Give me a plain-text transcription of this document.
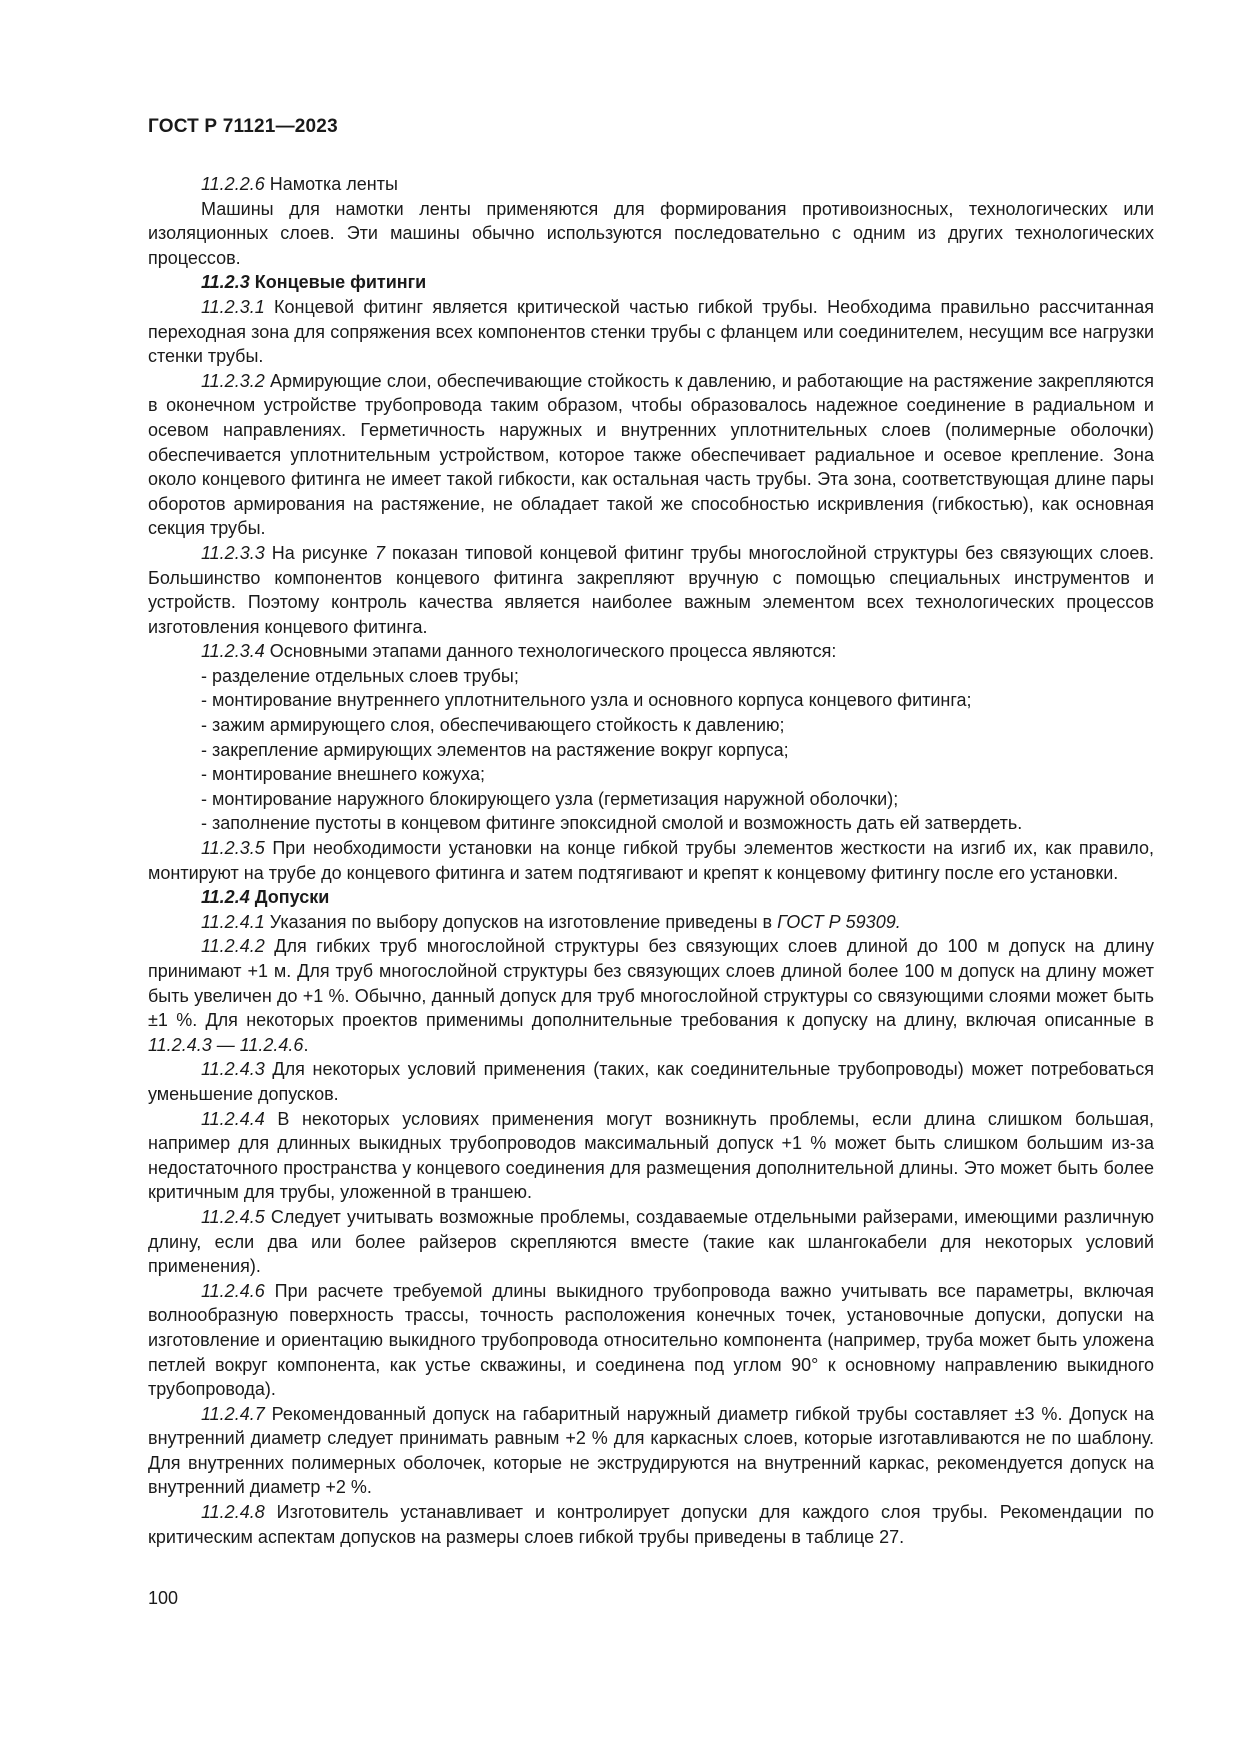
ГОСТ Р 71121—2023

11.2.2.6 Намотка ленты

Машины для намотки ленты применяются для формирования противоизносных, технологических или изоляционных слоев. Эти машины обычно используются последовательно с одним из других технологических процессов.

11.2.3 Концевые фитинги

11.2.3.1 Концевой фитинг является критической частью гибкой трубы. Необходима правильно рассчитанная переходная зона для сопряжения всех компонентов стенки трубы с фланцем или соединителем, несущим все нагрузки стенки трубы.

11.2.3.2 Армирующие слои, обеспечивающие стойкость к давлению, и работающие на растяжение закрепляются в оконечном устройстве трубопровода таким образом, чтобы образовалось надежное соединение в радиальном и осевом направлениях. Герметичность наружных и внутренних уплотнительных слоев (полимерные оболочки) обеспечивается уплотнительным устройством, которое также обеспечивает радиальное и осевое крепление. Зона около концевого фитинга не имеет такой гибкости, как остальная часть трубы. Эта зона, соответствующая длине пары оборотов армирования на растяжение, не обладает такой же способностью искривления (гибкостью), как основная секция трубы.

11.2.3.3 На рисунке 7 показан типовой концевой фитинг трубы многослойной структуры без связующих слоев. Большинство компонентов концевого фитинга закрепляют вручную с помощью специальных инструментов и устройств. Поэтому контроль качества является наиболее важным элементом всех технологических процессов изготовления концевого фитинга.

11.2.3.4 Основными этапами данного технологического процесса являются:

- разделение отдельных слоев трубы;
- монтирование внутреннего уплотнительного узла и основного корпуса концевого фитинга;
- зажим армирующего слоя, обеспечивающего стойкость к давлению;
- закрепление армирующих элементов на растяжение вокруг корпуса;
- монтирование внешнего кожуха;
- монтирование наружного блокирующего узла (герметизация наружной оболочки);
- заполнение пустоты в концевом фитинге эпоксидной смолой и возможность дать ей затвердеть.

11.2.3.5 При необходимости установки на конце гибкой трубы элементов жесткости на изгиб их, как правило, монтируют на трубе до концевого фитинга и затем подтягивают и крепят к концевому фитингу после его установки.

11.2.4 Допуски

11.2.4.1 Указания по выбору допусков на изготовление приведены в ГОСТ Р 59309.

11.2.4.2 Для гибких труб многослойной структуры без связующих слоев длиной до 100 м допуск на длину принимают +1 м. Для труб многослойной структуры без связующих слоев длиной более 100 м допуск на длину может быть увеличен до +1 %. Обычно, данный допуск для труб многослойной структуры со связующими слоями может быть ±1 %. Для некоторых проектов применимы дополнительные требования к допуску на длину, включая описанные в 11.2.4.3 — 11.2.4.6.

11.2.4.3 Для некоторых условий применения (таких, как соединительные трубопроводы) может потребоваться уменьшение допусков.

11.2.4.4 В некоторых условиях применения могут возникнуть проблемы, если длина слишком большая, например для длинных выкидных трубопроводов максимальный допуск +1 % может быть слишком большим из-за недостаточного пространства у концевого соединения для размещения дополнительной длины. Это может быть более критичным для трубы, уложенной в траншею.

11.2.4.5 Следует учитывать возможные проблемы, создаваемые отдельными райзерами, имеющими различную длину, если два или более райзеров скрепляются вместе (такие как шлангокабели для некоторых условий применения).

11.2.4.6 При расчете требуемой длины выкидного трубопровода важно учитывать все параметры, включая волнообразную поверхность трассы, точность расположения конечных точек, установочные допуски, допуски на изготовление и ориентацию выкидного трубопровода относительно компонента (например, труба может быть уложена петлей вокруг компонента, как устье скважины, и соединена под углом 90° к основному направлению выкидного трубопровода).

11.2.4.7 Рекомендованный допуск на габаритный наружный диаметр гибкой трубы составляет ±3 %. Допуск на внутренний диаметр следует принимать равным +2 % для каркасных слоев, которые изготавливаются не по шаблону. Для внутренних полимерных оболочек, которые не экструдируются на внутренний каркас, рекомендуется допуск на внутренний диаметр +2 %.

11.2.4.8 Изготовитель устанавливает и контролирует допуски для каждого слоя трубы. Рекомендации по критическим аспектам допусков на размеры слоев гибкой трубы приведены в таблице 27.

100
